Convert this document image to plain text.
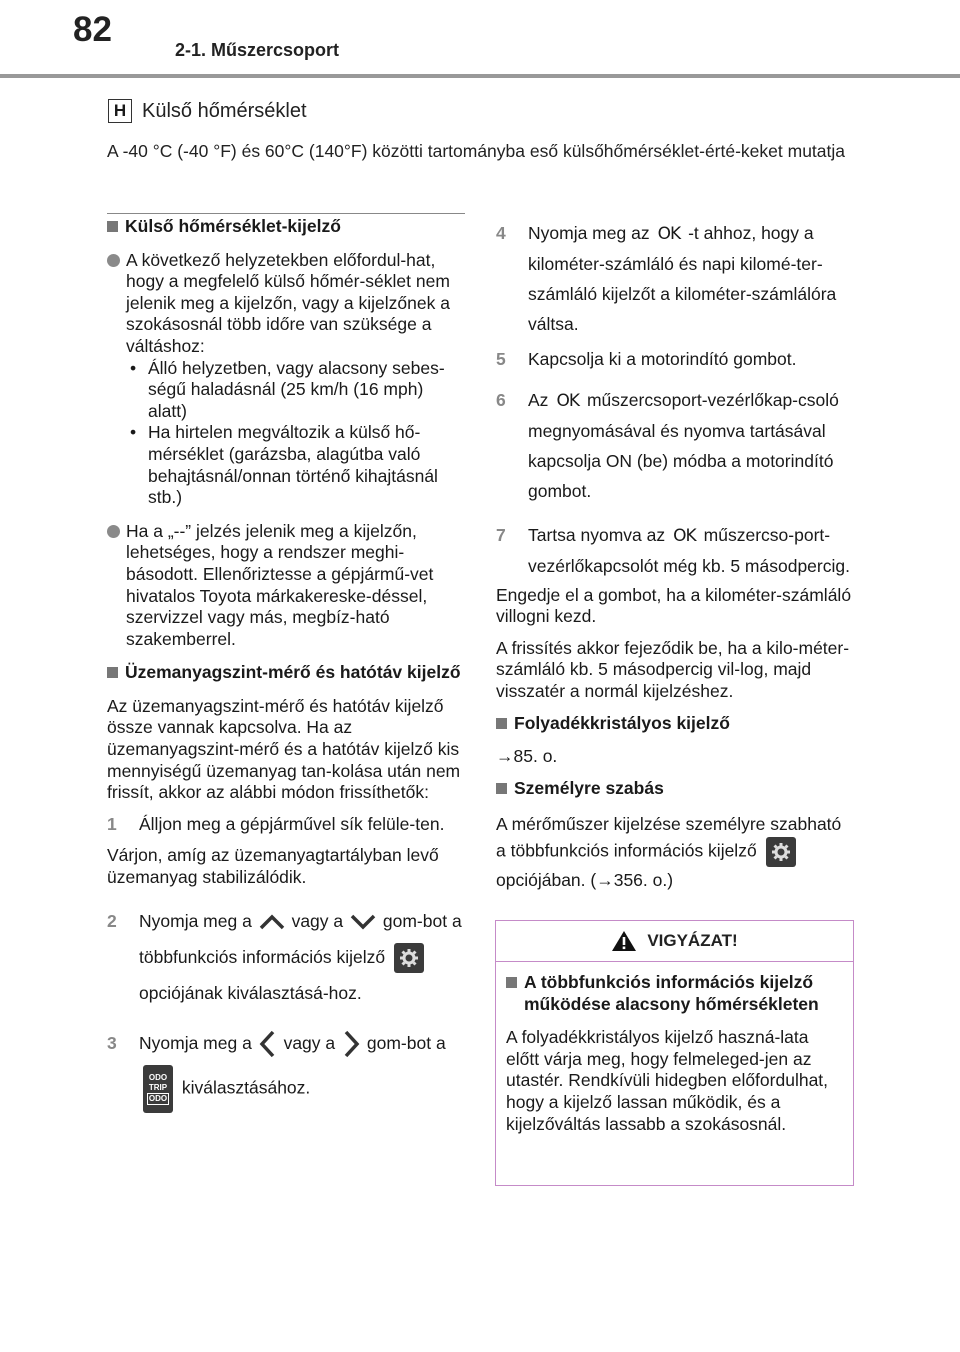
82
2-1. Műszercsoport
H Külső hőmérséklet
A -40 °C (-40 °F) és 60°C (140°F) közötti tartományba eső külsőhőmérséklet-érté-keket mutatja
Külső hőmérséklet-kijelző
A következő helyzetekben előfordul-hat, hogy a megfelelő külső hőmér-séklet nem jelenik meg a kijelzőn, vagy a kijelzőnek a szokásosnál több időre van szüksége a váltáshoz:
• Álló helyzetben, vagy alacsony sebes-ségű haladásnál (25 km/h (16 mph) alatt)
• Ha hirtelen megváltozik a külső hő-mérséklet (garázsba, alagútba való behajtásnál/onnan történő kihajtásnál stb.)
Ha a „--” jelzés jelenik meg a kijelzőn, lehetséges, hogy a rendszer meghi-básodott. Ellenőriztesse a gépjármű-vet hivatalos Toyota márkakereske-déssel, szervizzel vagy más, megbíz-ható szakemberrel.
Üzemanyagszint-mérő és hatótáv kijelző

Az üzemanyagszint-mérő és hatótáv kijelző össze vannak kapcsolva. Ha az üzemanyagszint-mérő és a hatótáv kijelző kis mennyiségű üzemanyag tan-kolása után nem frissít, akkor az alábbi módon frissíthetők:

1	Álljon meg a gépjárművel sík felüle-ten.

Várjon, amíg az üzemanyagtartályban levő üzemanyag stabilizálódik.

2	Nyomja meg a vagy a gom-bot a többfunkciós információs kijelző
opciójának kiválasztásá-hoz.
3	Nyomja meg a vagy a gom-bot a
ODO
TRIP
ODO
kiválasztásához.
4	Nyomja meg az OK -t ahhoz, hogy a kilométer-számláló és napi kilomé-ter-számláló kijelzőt a kilométer-számlálóra váltsa.
5	Kapcsolja ki a motorindító gombot.
6	Az OK műszercsoport-vezérlőkap-csoló megnyomásával és nyomva tartásával kapcsolja ON (be) módba a motorindító gombot.
7	Tartsa nyomva az OK műszercso-port-vezérlőkapcsolót még kb. 5 másodpercig.

Engedje el a gombot, ha a kilométer-számláló villogni kezd.

A frissítés akkor fejeződik be, ha a kilo-méter-számláló kb. 5 másodpercig vil-log, majd visszatér a normál kijelzéshez.

Folyadékkristályos kijelző

→85. o.

Személyre szabás

A mérőműszer kijelzése személyre szabható a többfunkciós információs kijelző
opciójában. (→356. o.)

VIGYÁZAT!
A többfunkciós információs kijelző működése alacsony hőmérsékleten
A folyadékkristályos kijelző haszná-lata előtt várja meg, hogy felmeleged-jen az utastér. Rendkívüli hidegben előfordulhat, hogy a kijelző lassan működik, és a kijelzőváltás lassabb a szokásosnál.
